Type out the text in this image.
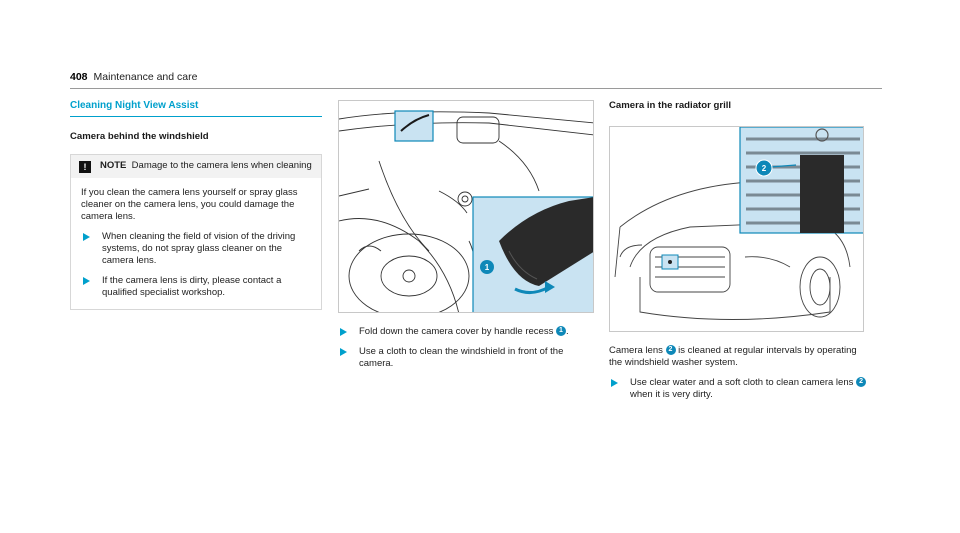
408 Maintenance and care
Cleaning Night View Assist
Camera behind the windshield
!	NOTE Damage to the camera lens when cleaning

If you clean the camera lens yourself or spray glass cleaner on the camera lens, you could damage the camera lens.

When cleaning the field of vision of the driving systems, do not spray glass cleaner on the camera lens.
If the camera lens is dirty, please contact a qualified specialist workshop.
1
Fold down the camera cover by handle recess 1 .
Use a cloth to clean the windshield in front of the camera.
Camera in the radiator grill
2

Camera lens 2 is cleaned at regular intervals by operating the windshield washer system.

Use clear water and a soft cloth to clean camera lens 2 when it is very dirty.
